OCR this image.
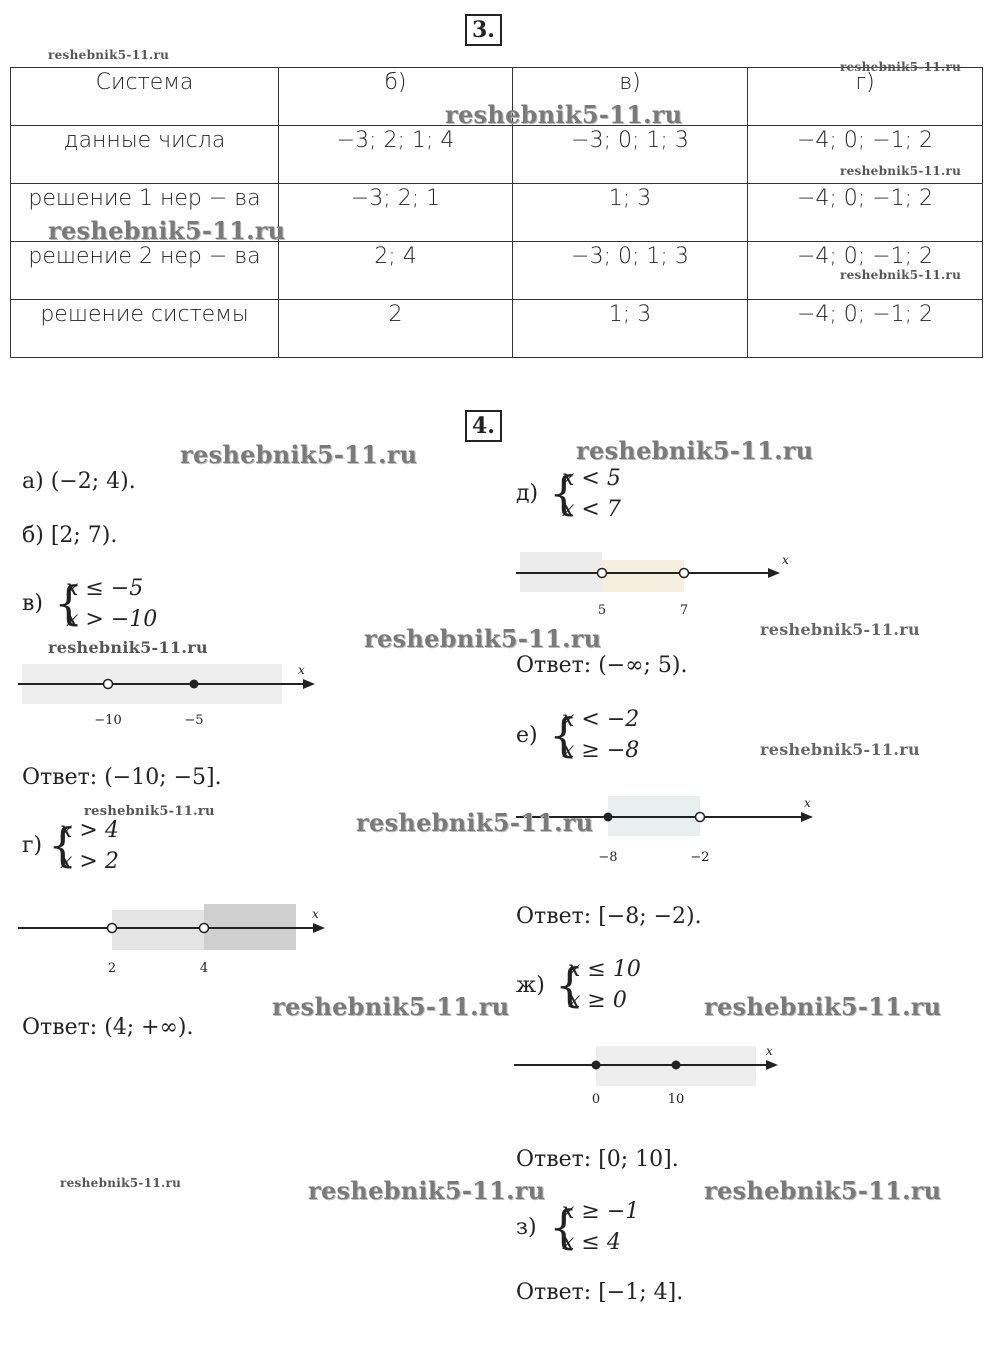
3.
Система	б)	в)	г)
данные числа	−3; 2; 1; 4	−3; 0; 1; 3	−4; 0; −1; 2
решение 1 нер − ва	−3; 2; 1	1; 3	−4; 0; −1; 2
решение 2 нер − ва	2; 4	−3; 0; 1; 3	−4; 0; −1; 2
решение системы	2	1; 3	−4; 0; −1; 2
4.
а) (−2; 4).
б) [2; 7).
в) {
x ≤ −5
x > −10
x
−10	−5
Ответ: (−10; −5].
г) {
x > 4
x > 2
x
2	4
Ответ: (4; +∞).
д) {
x < 5
x < 7
x
5	7
Ответ: (−∞; 5).
е) {
x < −2
x ≥ −8
x
−8	−2
Ответ: [−8; −2).
ж) {
x ≤ 10
x ≥ 0
x
0	10
Ответ: [0; 10].
з) {
x ≥ −1
x ≤ 4
Ответ: [−1; 4].
reshebnik5-11.ru
reshebnik5-11.ru
reshebnik5-11.ru
reshebnik5-11.ru
reshebnik5-11.ru
reshebnik5-11.ru
reshebnik5-11.ru	reshebnik5-11.ru
reshebnik5-11.ru	reshebnik5-11.ru	reshebnik5-11.ru
reshebnik5-11.ru
reshebnik5-11.ru	reshebnik5-11.ru
reshebnik5-11.ru	reshebnik5-11.ru
reshebnik5-11.ru	reshebnik5-11.ru	reshebnik5-11.ru
